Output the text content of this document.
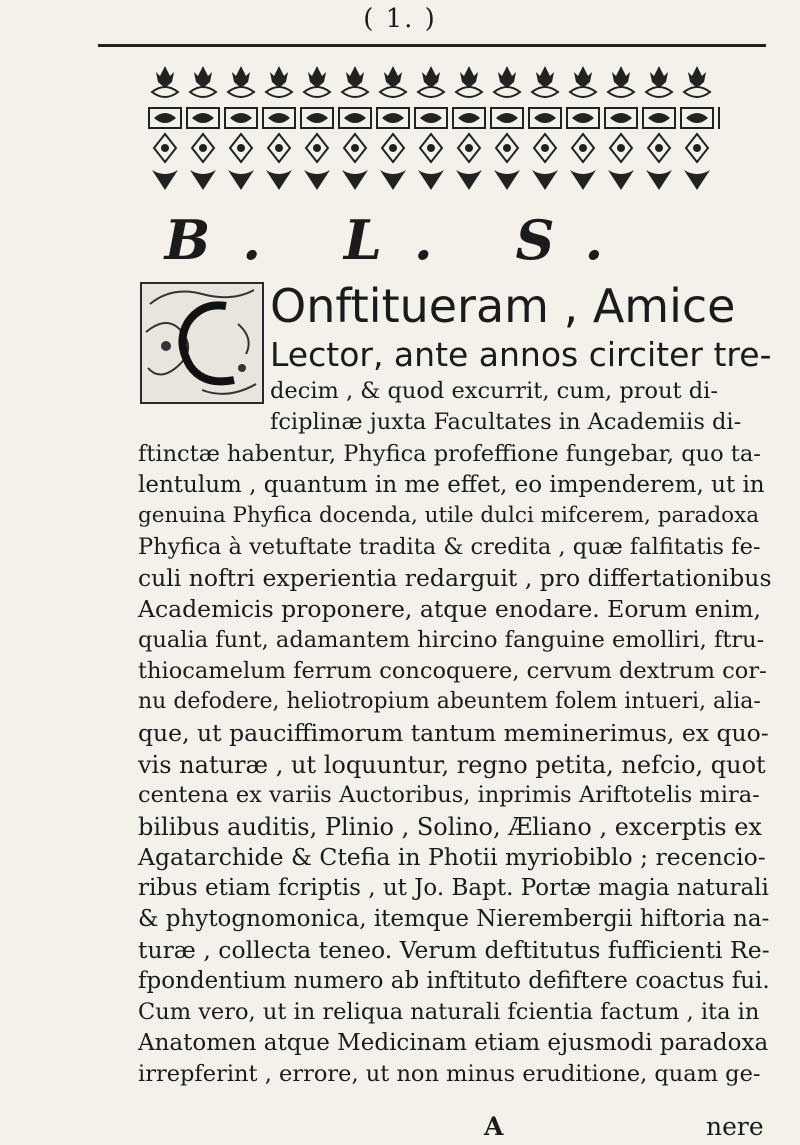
( 1. )
B. L. S.
Onftitueram , Amice
Lector, ante annos circiter tre-
decim , & quod excurrit, cum, prout di-
fciplinæ juxta Facultates in Academiis di-
ftinctæ habentur, Phyfica profeffione fungebar, quo ta-
lentulum , quantum in me effet, eo impenderem, ut in
genuina Phyfica docenda, utile dulci mifcerem, paradoxa
Phyfica à vetuftate tradita & credita , quæ falfitatis fe-
culi noftri experientia redarguit , pro differtationibus
Academicis proponere, atque enodare. Eorum enim,
qualia funt, adamantem hircino fanguine emolliri, ftru-
thiocamelum ferrum concoquere, cervum dextrum cor-
nu defodere, heliotropium abeuntem folem intueri, alia-
que, ut pauciffimorum tantum meminerimus, ex quo-
vis naturæ , ut loquuntur, regno petita, nefcio, quot
centena ex variis Auctoribus, inprimis Ariftotelis mira-
bilibus auditis, Plinio , Solino, Æliano , excerptis ex
Agatarchide & Ctefia in Photii myriobiblo ; recencio-
ribus etiam fcriptis , ut Jo. Bapt. Portæ magia naturali
& phytognomonica, itemque Nierembergii hiftoria na-
turæ , collecta teneo. Verum deftitutus fufficienti Re-
fpondentium numero ab inftituto defiftere coactus fui.
Cum vero, ut in reliqua naturali fcientia factum , ita in
Anatomen atque Medicinam etiam ejusmodi paradoxa
irrepferint , errore, ut non minus eruditione, quam ge-
A	nere
